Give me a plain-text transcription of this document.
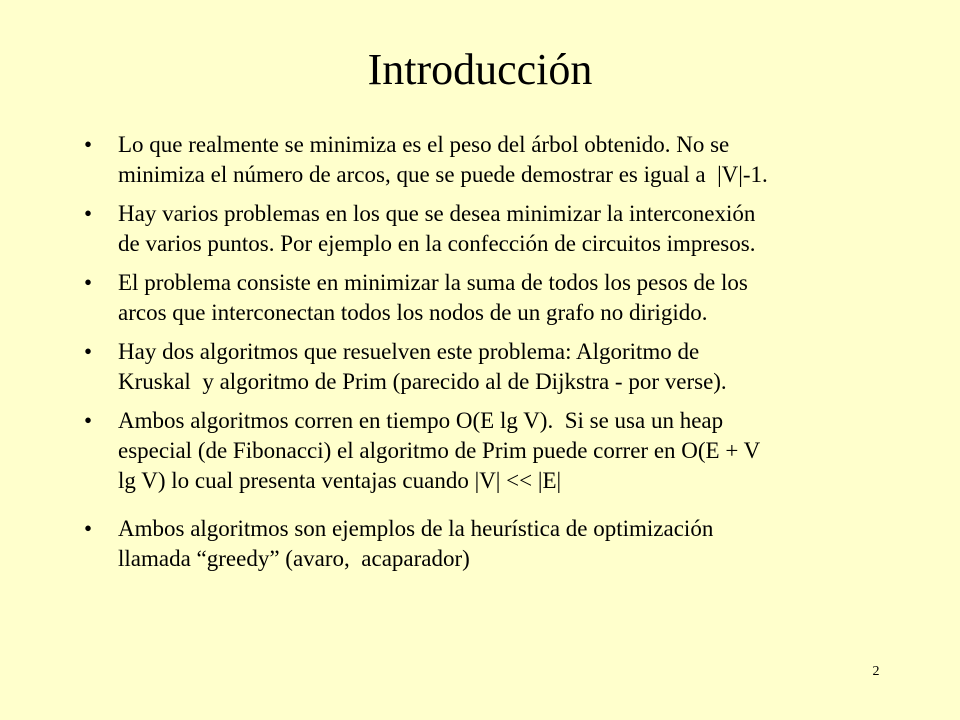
Introducción
• Lo que realmente se minimiza es el peso del árbol obtenido. No se
minimiza el número de arcos, que se puede demostrar es igual a  |V|-1.
• Hay varios problemas en los que se desea minimizar la interconexión
de varios puntos. Por ejemplo en la confección de circuitos impresos.
• El problema consiste en minimizar la suma de todos los pesos de los
arcos que interconectan todos los nodos de un grafo no dirigido.
• Hay dos algoritmos que resuelven este problema: Algoritmo de
Kruskal  y algoritmo de Prim (parecido al de Dijkstra - por verse).
• Ambos algoritmos corren en tiempo O(E lg V).  Si se usa un heap
especial (de Fibonacci) el algoritmo de Prim puede correr en O(E + V
lg V) lo cual presenta ventajas cuando |V| << |E|
• Ambos algoritmos son ejemplos de la heurística de optimización
llamada “greedy” (avaro,  acaparador)
2
